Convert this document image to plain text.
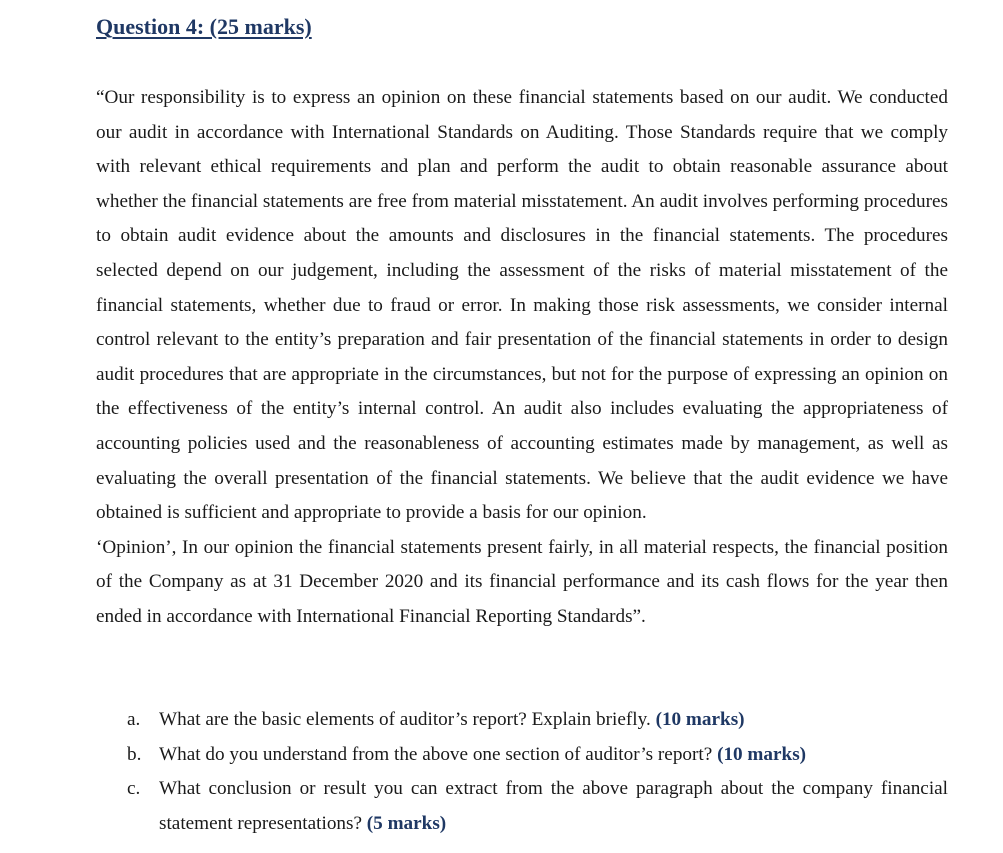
Question 4: (25 marks)

“Our responsibility is to express an opinion on these financial statements based on our audit. We conducted our audit in accordance with International Standards on Auditing. Those Standards require that we comply with relevant ethical requirements and plan and perform the audit to obtain reasonable assurance about whether the financial statements are free from material misstatement. An audit involves performing procedures to obtain audit evidence about the amounts and disclosures in the financial statements. The procedures selected depend on our judgement, including the assessment of the risks of material misstatement of the financial statements, whether due to fraud or error. In making those risk assessments, we consider internal control relevant to the entity’s preparation and fair presentation of the financial statements in order to design audit procedures that are appropriate in the circumstances, but not for the purpose of expressing an opinion on the effectiveness of the entity’s internal control. An audit also includes evaluating the appropriateness of accounting policies used and the reasonableness of accounting estimates made by management, as well as evaluating the overall presentation of the financial statements. We believe that the audit evidence we have obtained is sufficient and appropriate to provide a basis for our opinion.

‘Opinion’, In our opinion the financial statements present fairly, in all material respects, the financial position of the Company as at 31 December 2020 and its financial performance and its cash flows for the year then ended in accordance with International Financial Reporting Standards”.

a. What are the basic elements of auditor’s report? Explain briefly. (10 marks)
b. What do you understand from the above one section of auditor’s report? (10 marks)
c. What conclusion or result you can extract from the above paragraph about the company financial statement representations? (5 marks)
